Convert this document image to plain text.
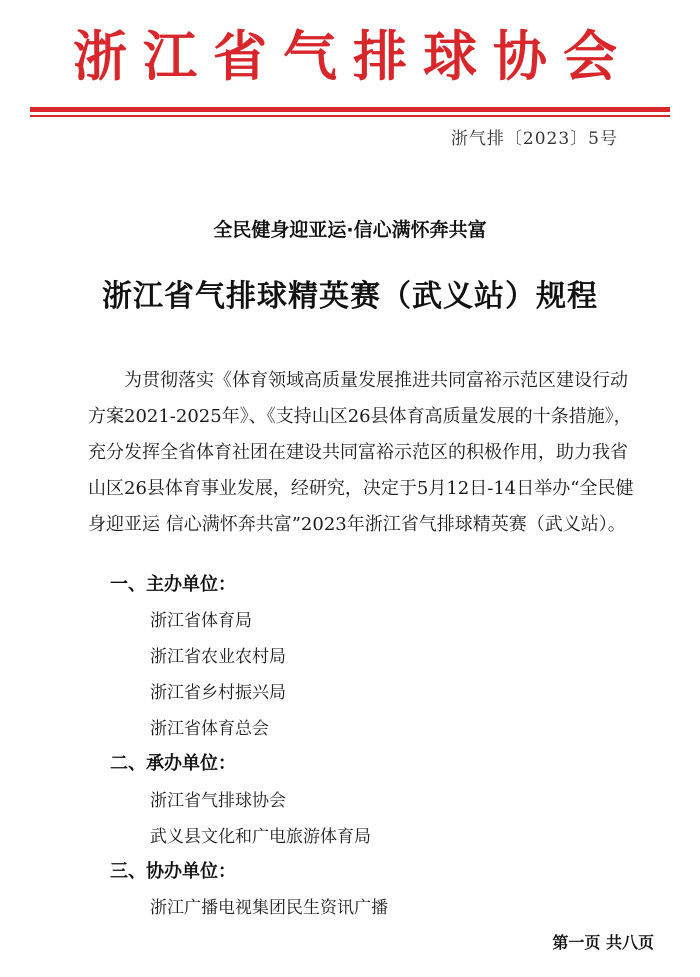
浙江省气排球协会
浙气排〔2023〕5号
全民健身迎亚运·信心满怀奔共富
浙江省气排球精英赛（武义站）规程
为贯彻落实《体育领域高质量发展推进共同富裕示范区建设行动
方案2021-2025年》、《支持山区26县体育高质量发展的十条措施》，
充分发挥全省体育社团在建设共同富裕示范区的积极作用，助力我省
山区26县体育事业发展，经研究，决定于5月12日-14日举办“全民健
身迎亚运 信心满怀奔共富”2023年浙江省气排球精英赛（武义站）。
一、主办单位：
浙江省体育局
浙江省农业农村局
浙江省乡村振兴局
浙江省体育总会
二、承办单位：
浙江省气排球协会
武义县文化和广电旅游体育局
三、协办单位：
浙江广播电视集团民生资讯广播
第一页 共八页
